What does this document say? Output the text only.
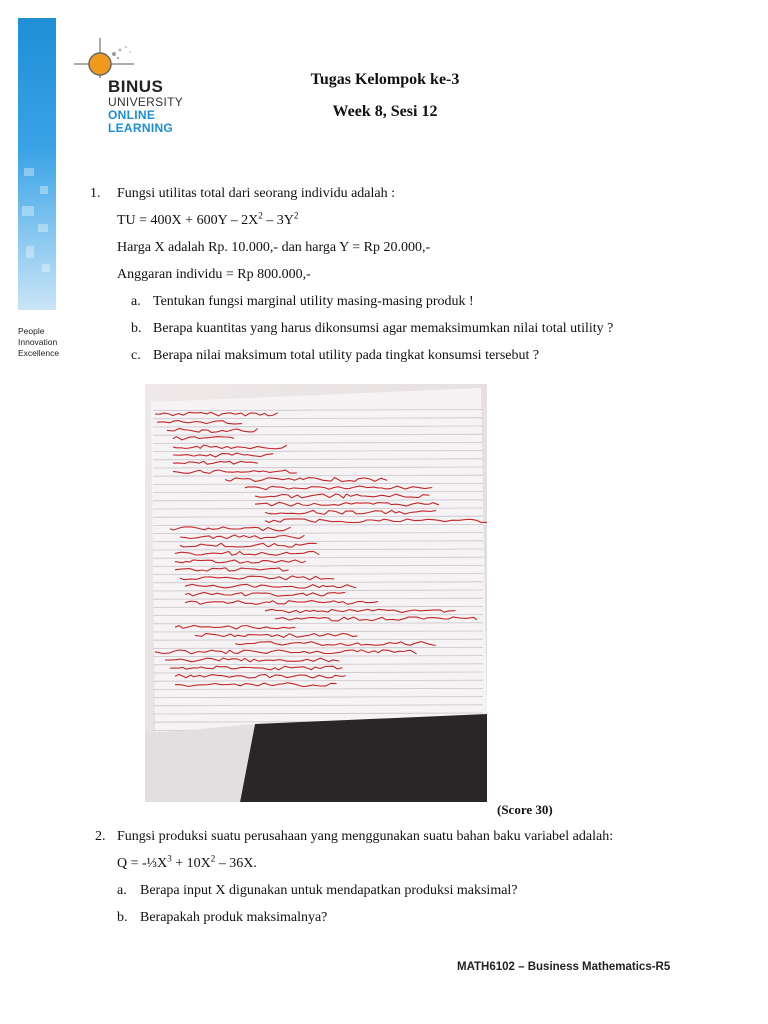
People
Innovation
Excellence
BINUS
UNIVERSITY
ONLINE
LEARNING
Tugas Kelompok ke-3
Week 8, Sesi 12
1. Fungsi utilitas total dari seorang individu adalah :
TU = $400X + 600Y - 2X^2 - 3Y^2$
Harga X adalah Rp. 10.000,- dan harga Y = Rp 20.000,-
Anggaran individu = Rp 800.000,-
a. Tentukan fungsi marginal utility masing-masing produk !
b. Berapa kuantitas yang harus dikonsumsi agar memaksimumkan nilai total utility ?
c. Berapa nilai maksimum total utility pada tingkat konsumsi tersebut ?
(Score 30)
2. Fungsi produksi suatu perusahaan yang menggunakan suatu bahan baku variabel adalah:
$Q = -\frac{1}{3}X^3 + 10X^2 - 36X$.
a. Berapa input X digunakan untuk mendapatkan produksi maksimal?
b. Berapakah produk maksimalnya?
MATH6102 – Business Mathematics-R5
